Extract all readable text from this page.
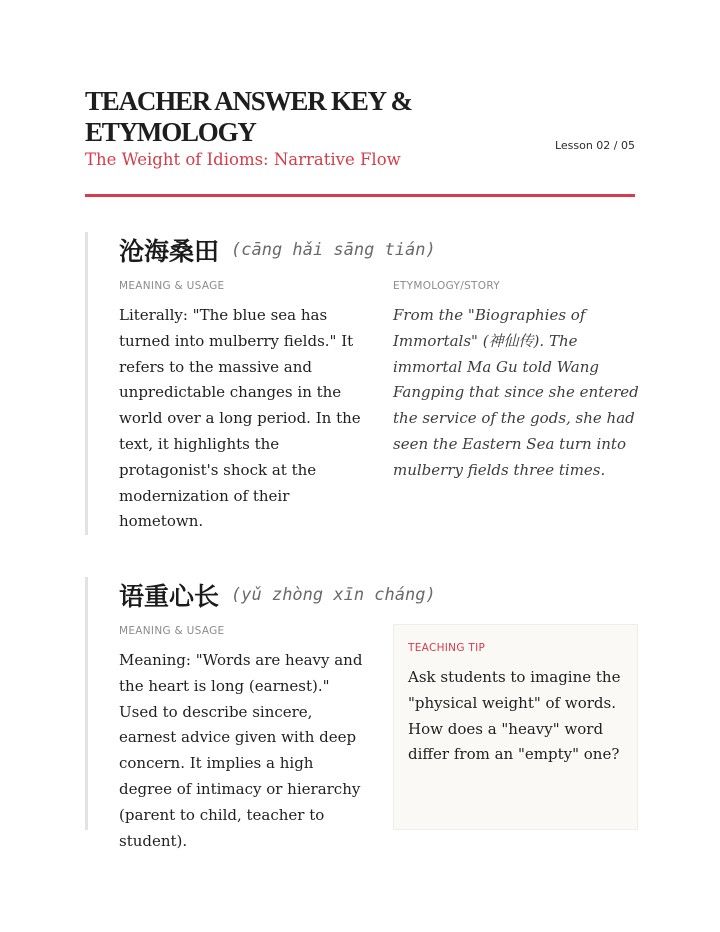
TEACHER ANSWER KEY & ETYMOLOGY
The Weight of Idioms: Narrative Flow
Lesson 02 / 05
沧海桑田 (cāng hǎi sāng tián)
MEANING & USAGE
Literally: "The blue sea has turned into mulberry fields." It refers to the massive and unpredictable changes in the world over a long period. In the text, it highlights the protagonist's shock at the modernization of their hometown.
ETYMOLOGY/STORY
From the "Biographies of Immortals" (神仙传). The immortal Ma Gu told Wang Fangping that since she entered the service of the gods, she had seen the Eastern Sea turn into mulberry fields three times.
语重心长 (yǔ zhòng xīn cháng)
MEANING & USAGE
Meaning: "Words are heavy and the heart is long (earnest)." Used to describe sincere, earnest advice given with deep concern. It implies a high degree of intimacy or hierarchy (parent to child, teacher to student).
TEACHING TIP
Ask students to imagine the "physical weight" of words. How does a "heavy" word differ from an "empty" one?
